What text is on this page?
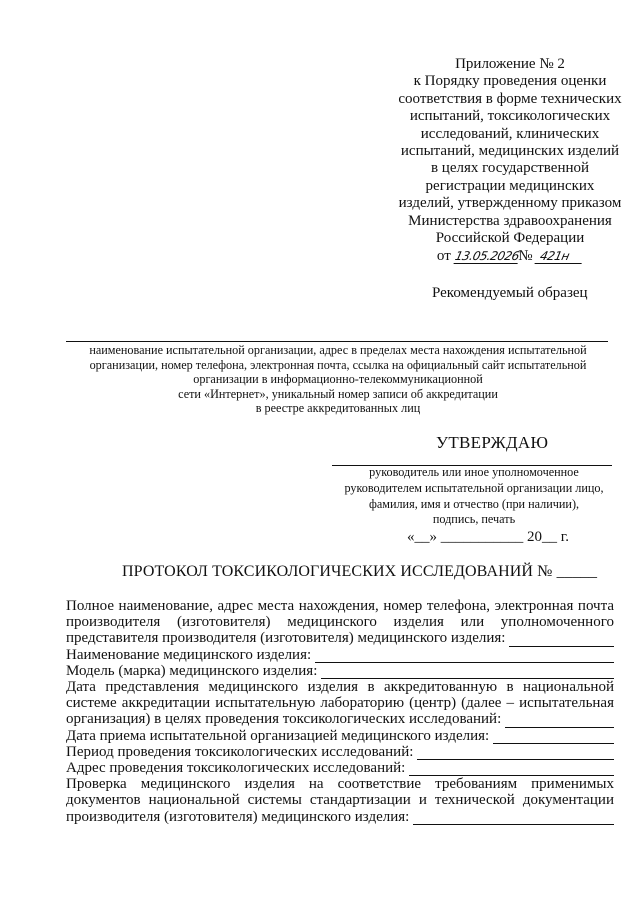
Приложение № 2
к Порядку проведения оценки
соответствия в форме технических
испытаний, токсикологических
исследований, клинических
испытаний, медицинских изделий
в целях государственной
регистрации медицинских
изделий, утвержденному приказом
Министерства здравоохранения
Российской Федерации
от 13.05.2026№ 421н
Рекомендуемый образец
наименование испытательной организации, адрес в пределах места нахождения испытательной
организации, номер телефона, электронная почта, ссылка на официальный сайт испытательной
организации в информационно-телекоммуникационной
сети «Интернет», уникальный номер записи об аккредитации
в реестре аккредитованных лиц
УТВЕРЖДАЮ
руководитель или иное уполномоченное
руководителем испытательной организации лицо,
фамилия, имя и отчество (при наличии),
подпись, печать
«__» ___________ 20__ г.
ПРОТОКОЛ ТОКСИКОЛОГИЧЕСКИХ ИССЛЕДОВАНИЙ № _____
Полное наименование, адрес места нахождения, номер телефона, электронная почта
производителя (изготовителя) медицинского изделия или уполномоченного
представителя производителя (изготовителя) медицинского изделия:
Наименование медицинского изделия:
Модель (марка) медицинского изделия:
Дата представления медицинского изделия в аккредитованную в национальной
системе аккредитации испытательную лабораторию (центр) (далее – испытательная
организация) в целях проведения токсикологических исследований:
Дата приема испытательной организацией медицинского изделия:
Период проведения токсикологических исследований:
Адрес проведения токсикологических исследований:
Проверка медицинского изделия на соответствие требованиям применимых
документов национальной системы стандартизации и технической документации
производителя (изготовителя) медицинского изделия:
